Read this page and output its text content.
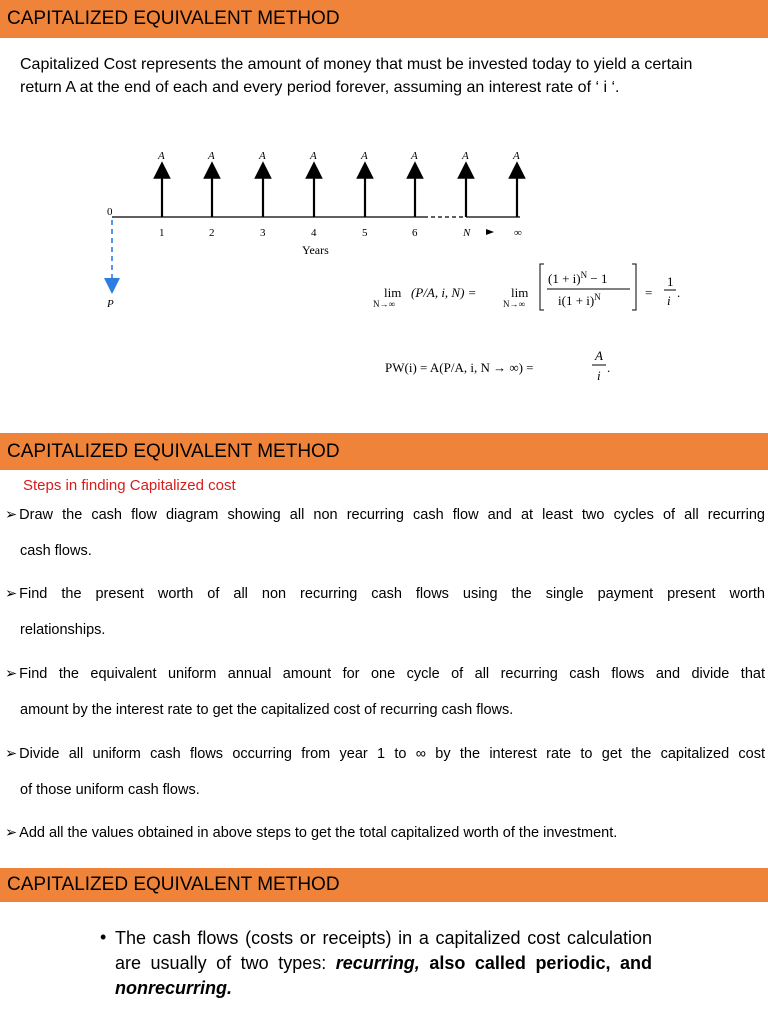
CAPITALIZED EQUIVALENT METHOD
Capitalized Cost represents the amount of money that must be invested today to yield a certain return A at the end of each and every period forever, assuming an interest rate of ‘ i ‘.
A	A	A	A	A	A	A	A
0
P
1	2	3	4	5	6	N	∞
Years
lim
N→∞
(P/A, i, N) =	lim
N→∞
$(1 + i)^N - 1$
$i(1 + i)^N$	=
1
i
.
PW(i) = A(P/A, i, N → ∞) =
A
i
.
CAPITALIZED EQUIVALENT METHOD
Steps in finding Capitalized cost
➢ Draw the cash flow diagram showing all non recurring cash flow and at least two cycles of all recurring
cash flows.
➢ Find the present worth of all non recurring cash flows using the single payment present worth
relationships.
➢ Find the equivalent uniform annual amount for one cycle of all recurring cash flows and divide that
amount by the interest rate to get the capitalized cost of recurring cash flows.
➢ Divide all uniform cash flows occurring from year 1 to ∞ by the interest rate to get the capitalized cost
of those uniform cash flows.
➢ Add all the values obtained in above steps to get the total capitalized worth of the investment.
CAPITALIZED EQUIVALENT METHOD
• The cash flows (costs or receipts) in a capitalized cost calculation are usually of two types: recurring, also called periodic, and nonrecurring.
